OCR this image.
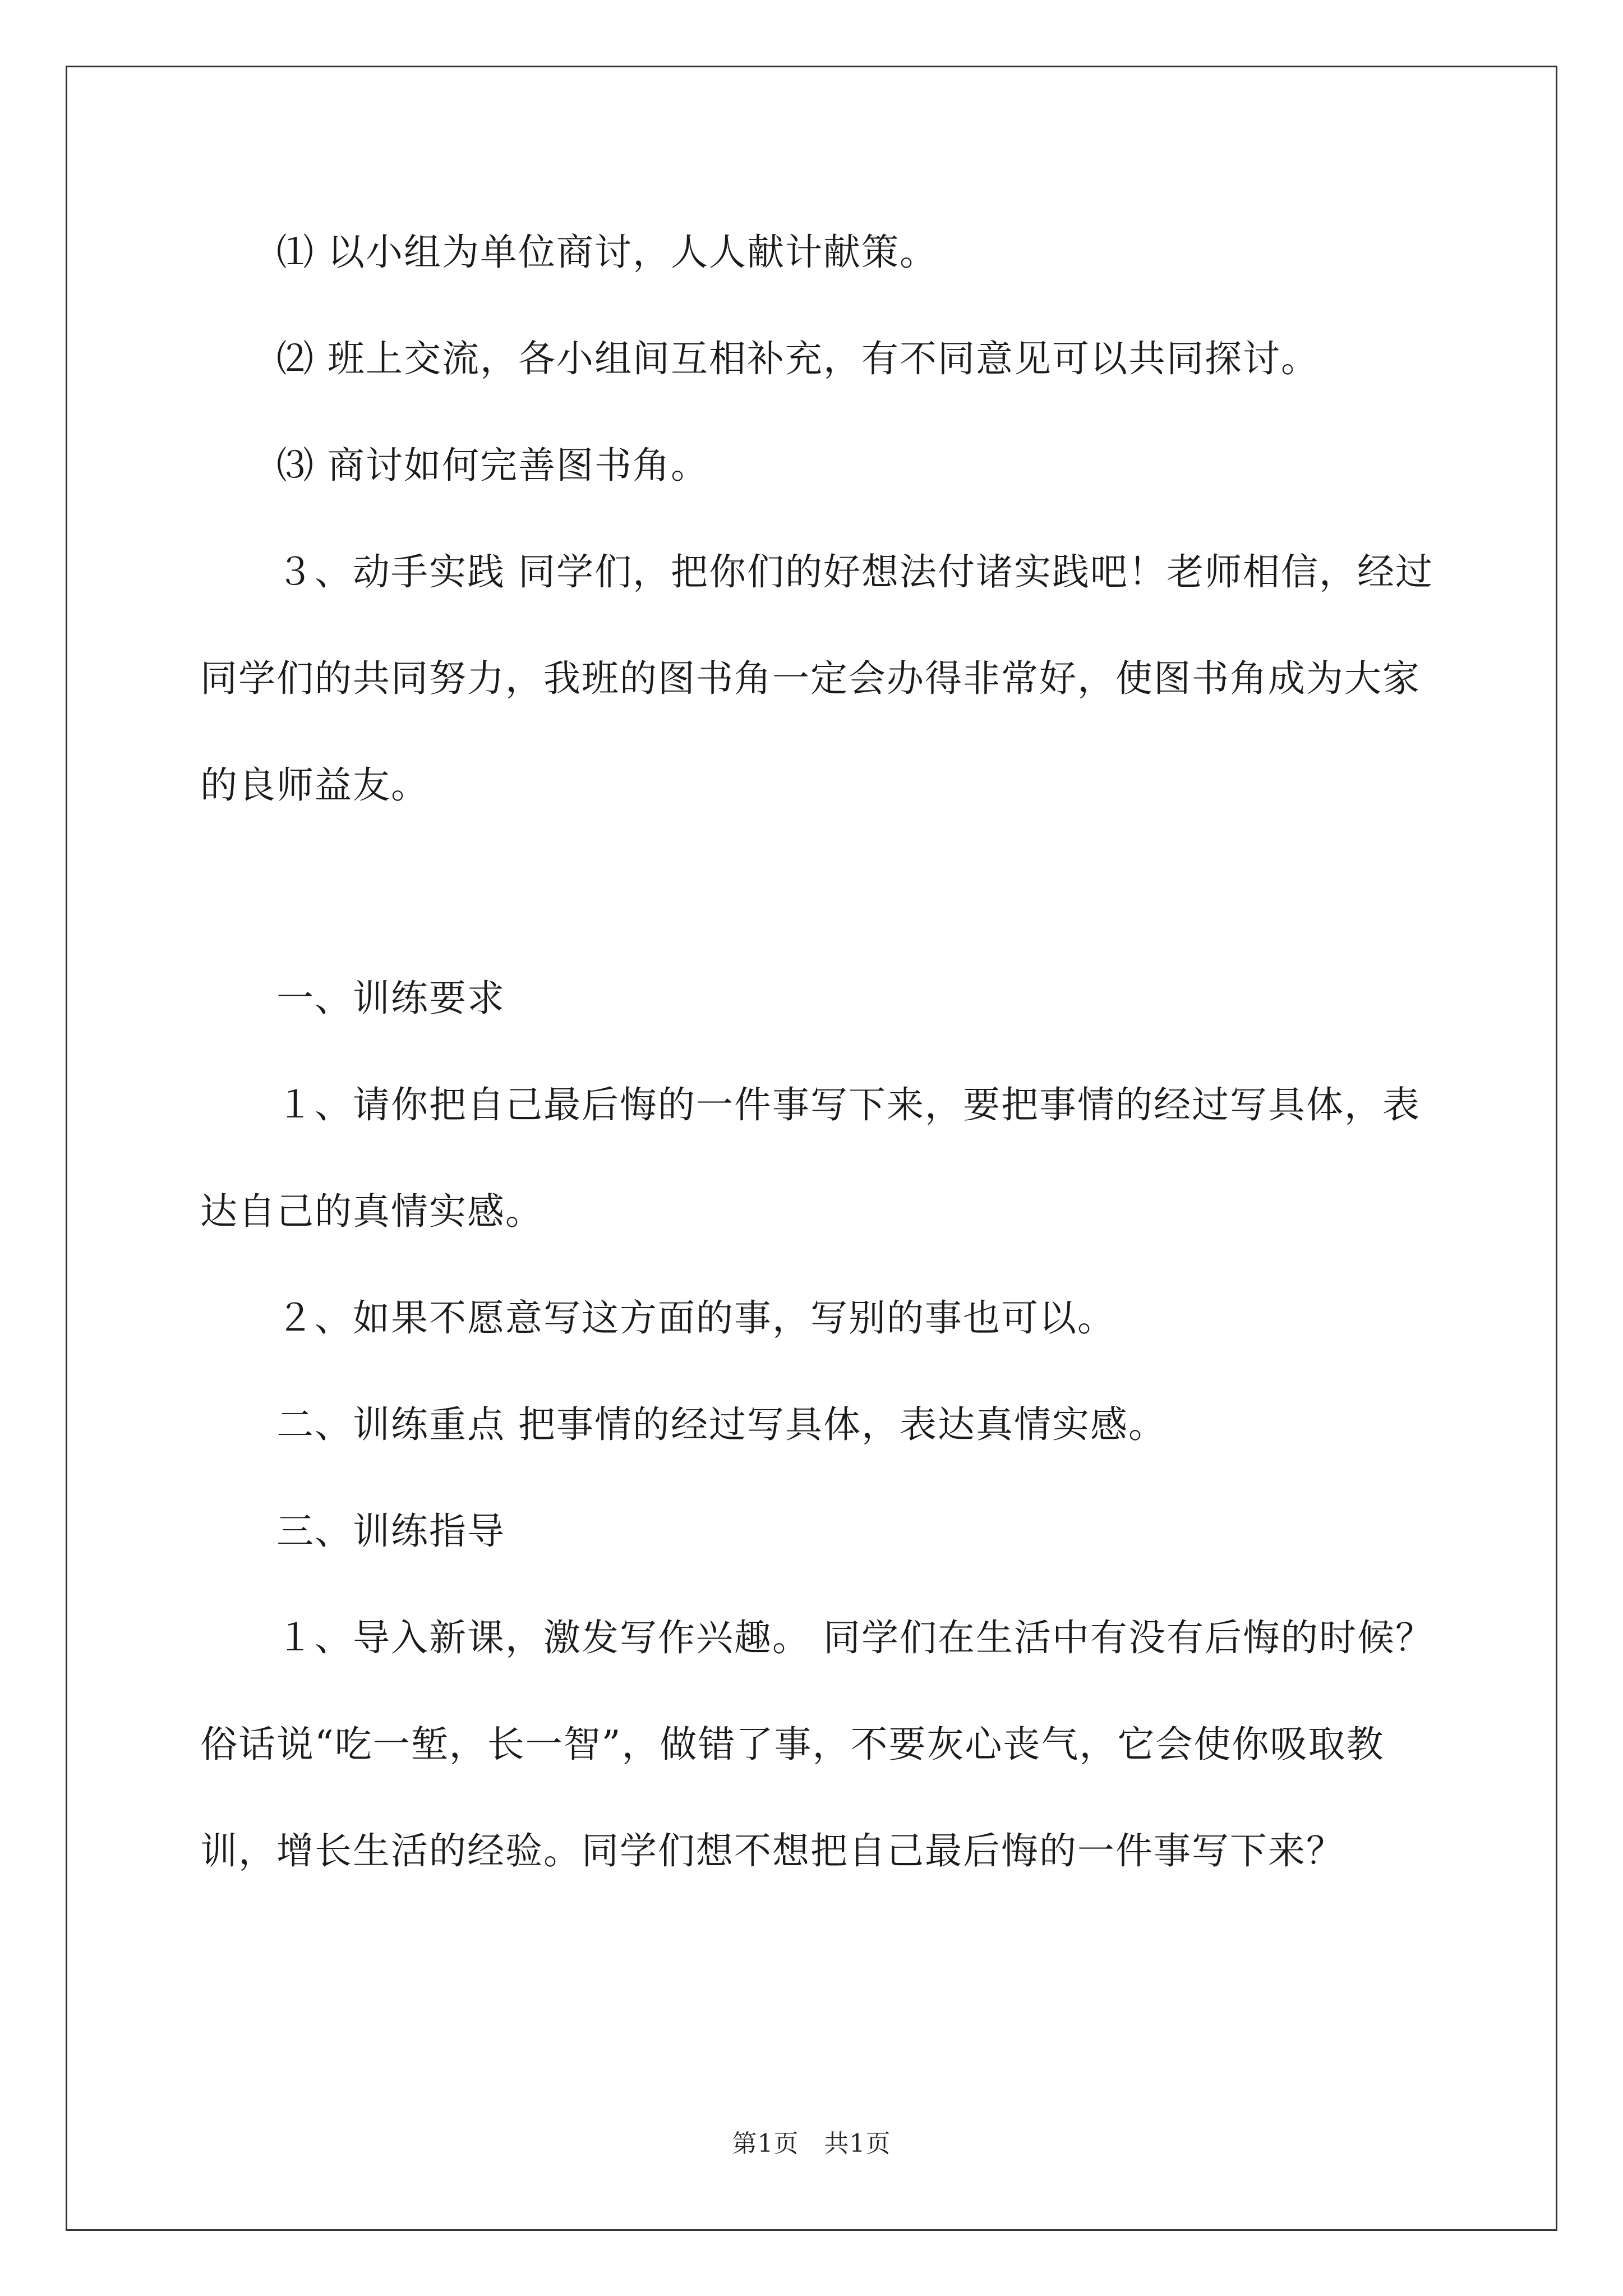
　　⑴ 以小组为单位商讨，人人献计献策。
　　⑵ 班上交流，各小组间互相补充，有不同意见可以共同探讨。
　　⑶ 商讨如何完善图书角。
　　３、动手实践 同学们，把你们的好想法付诸实践吧！老师相信，经过同学们的共同努力，我班的图书角一定会办得非常好，使图书角成为大家的良师益友。
　　一、训练要求
　　１、请你把自己最后悔的一件事写下来，要把事情的经过写具体，表达自己的真情实感。
　　２、如果不愿意写这方面的事，写别的事也可以。
　　二、训练重点 把事情的经过写具体，表达真情实感。
　　三、训练指导
　　１、导入新课，激发写作兴趣。 同学们在生活中有没有后悔的时候？俗话说“吃一堑，长一智”，做错了事，不要灰心丧气，它会使你吸取教训，增长生活的经验。同学们想不想把自己最后悔的一件事写下来？
第1页　共1页
